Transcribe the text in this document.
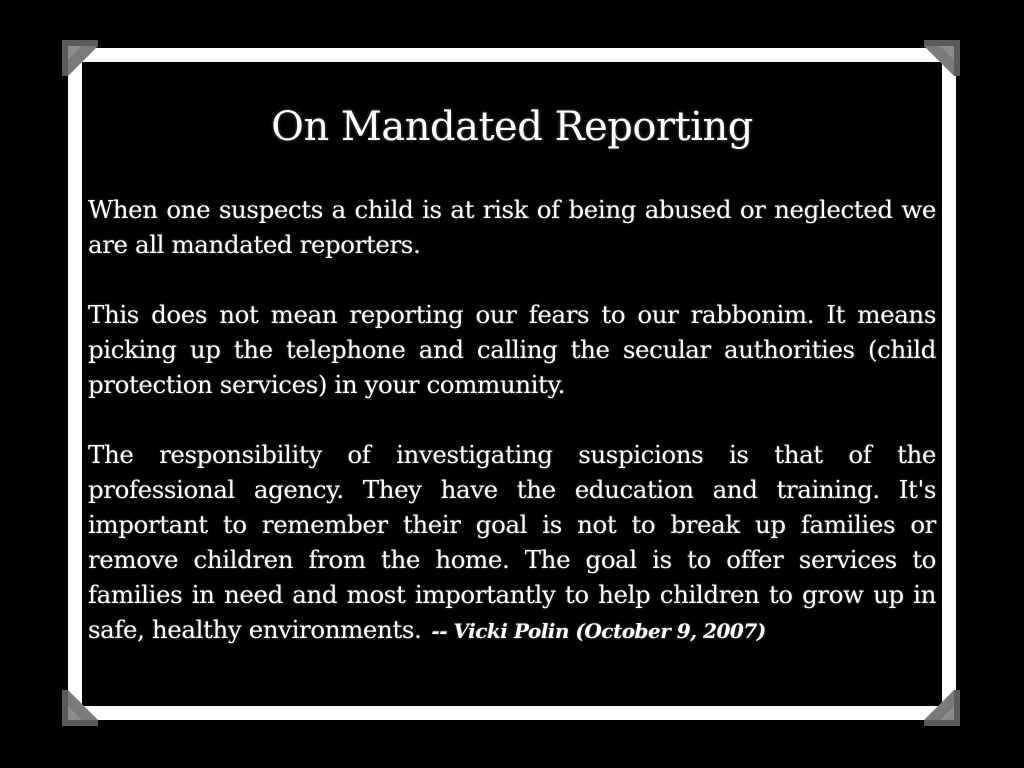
On Mandated Reporting

When one suspects a child is at risk of being abused or neglected we are all mandated reporters.

This does not mean reporting our fears to our rabbonim. It means picking up the telephone and calling the secular authorities (child protection services) in your community.

The responsibility of investigating suspicions is that of the professional agency. They have the education and training. It's important to remember their goal is not to break up families or remove children from the home. The goal is to offer services to families in need and most importantly to help children to grow up in safe, healthy environments. -- Vicki Polin (October 9, 2007)
